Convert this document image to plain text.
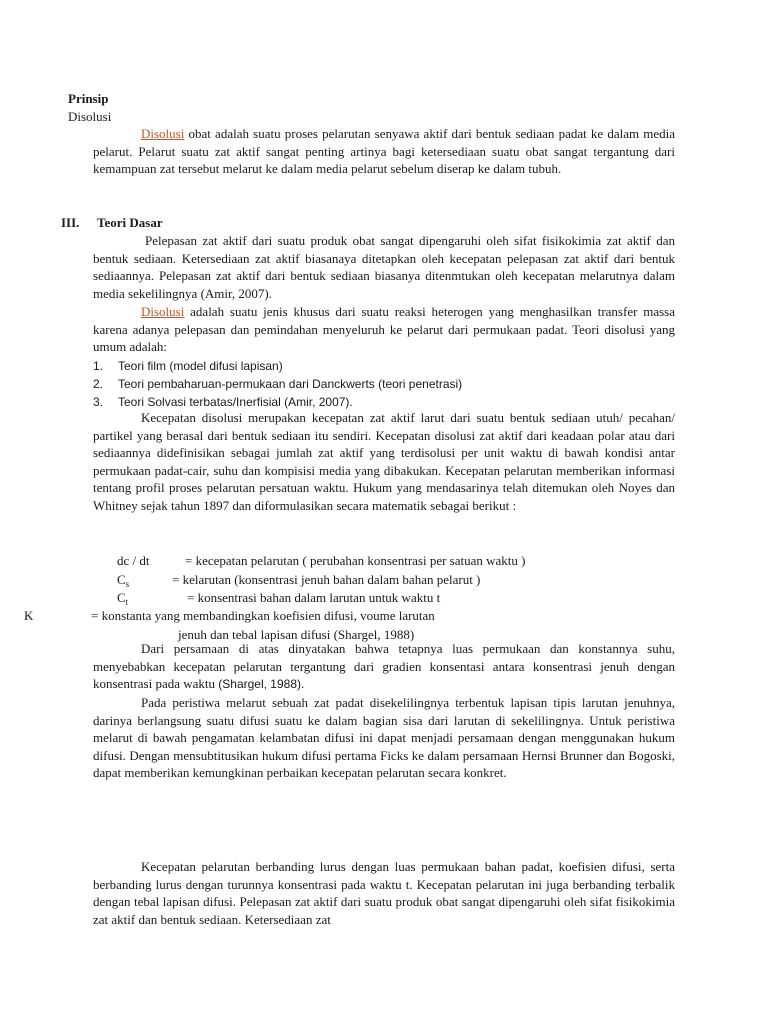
Prinsip
Disolusi
Disolusi obat adalah suatu proses pelarutan senyawa aktif dari bentuk sediaan padat ke dalam media pelarut. Pelarut suatu zat aktif sangat penting artinya bagi ketersediaan suatu obat sangat tergantung dari kemampuan zat tersebut melarut ke dalam media pelarut sebelum diserap ke dalam tubuh.
III. Teori Dasar
Pelepasan zat aktif dari suatu produk obat sangat dipengaruhi oleh sifat fisikokimia zat aktif dan bentuk sediaan. Ketersediaan zat aktif biasanaya ditetapkan oleh kecepatan pelepasan zat aktif dari bentuk sediaannya. Pelepasan zat aktif dari bentuk sediaan biasanya ditenmtukan oleh kecepatan melarutnya dalam media sekelilingnya (Amir, 2007).
Disolusi adalah suatu jenis khusus dari suatu reaksi heterogen yang menghasilkan transfer massa karena adanya pelepasan dan pemindahan menyeluruh ke pelarut dari permukaan padat. Teori disolusi yang umum adalah:
1. Teori film (model difusi lapisan)
2. Teori pembaharuan-permukaan dari Danckwerts (teori penetrasi)
3. Teori Solvasi terbatas/Inerfisial (Amir, 2007).
Kecepatan disolusi merupakan kecepatan zat aktif larut dari suatu bentuk sediaan utuh/ pecahan/ partikel yang berasal dari bentuk sediaan itu sendiri. Kecepatan disolusi zat aktif dari keadaan polar atau dari sediaannya didefinisikan sebagai jumlah zat aktif yang terdisolusi per unit waktu di bawah kondisi antar permukaan padat-cair, suhu dan kompisisi media yang dibakukan. Kecepatan pelarutan memberikan informasi tentang profil proses pelarutan persatuan waktu. Hukum yang mendasarinya telah ditemukan oleh Noyes dan Whitney sejak tahun 1897 dan diformulasikan secara matematik sebagai berikut :
dc / dt	= kecepatan pelarutan ( perubahan konsentrasi per satuan waktu )
$C_s$	= kelarutan (konsentrasi jenuh bahan dalam bahan pelarut )
$C_t$	= konsentrasi bahan dalam larutan untuk waktu t
K	= konstanta yang membandingkan koefisien difusi, voume larutan
jenuh dan tebal lapisan difusi (Shargel, 1988)
Dari persamaan di atas dinyatakan bahwa tetapnya luas permukaan dan konstannya suhu, menyebabkan kecepatan pelarutan tergantung dari gradien konsentasi antara konsentrasi jenuh dengan konsentrasi pada waktu (Shargel, 1988).
Pada peristiwa melarut sebuah zat padat disekelilingnya terbentuk lapisan tipis larutan jenuhnya, darinya berlangsung suatu difusi suatu ke dalam bagian sisa dari larutan di sekelilingnya. Untuk peristiwa melarut di bawah pengamatan kelambatan difusi ini dapat menjadi persamaan dengan menggunakan hukum difusi. Dengan mensubtitusikan hukum difusi pertama Ficks ke dalam persamaan Hernsi Brunner dan Bogoski, dapat memberikan kemungkinan perbaikan kecepatan pelarutan secara konkret.
Kecepatan pelarutan berbanding lurus dengan luas permukaan bahan padat, koefisien difusi, serta berbanding lurus dengan turunnya konsentrasi pada waktu t. Kecepatan pelarutan ini juga berbanding terbalik dengan tebal lapisan difusi. Pelepasan zat aktif dari suatu produk obat sangat dipengaruhi oleh sifat fisikokimia zat aktif dan bentuk sediaan. Ketersediaan zat
